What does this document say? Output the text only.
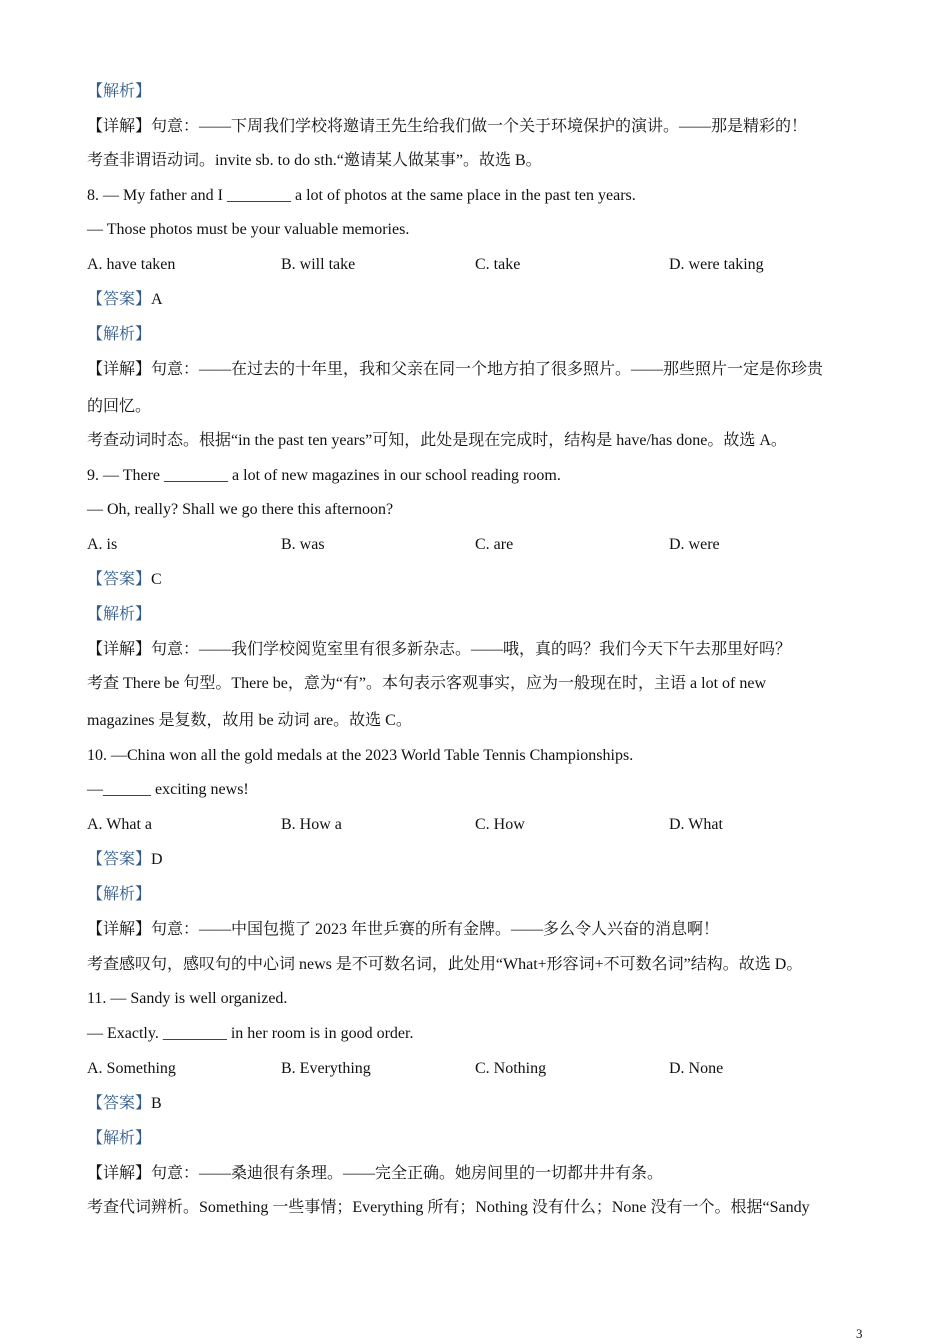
【解析】
【详解】句意：——下周我们学校将邀请王先生给我们做一个关于环境保护的演讲。——那是精彩的！
考查非谓语动词。invite sb. to do sth.“邀请某人做某事”。故选 B。
8. — My father and I ________ a lot of photos at the same place in the past ten years.
— Those photos must be your valuable memories.
A. have taken	B. will take	C. take	D. were taking
【答案】A
【解析】
【详解】句意：——在过去的十年里，我和父亲在同一个地方拍了很多照片。——那些照片一定是你珍贵
的回忆。
考查动词时态。根据“in the past ten years”可知，此处是现在完成时，结构是 have/has done。故选 A。
9. — There ________ a lot of new magazines in our school reading room.
— Oh, really? Shall we go there this afternoon?
A. is	B. was	C. are	D. were
【答案】C
【解析】
【详解】句意：——我们学校阅览室里有很多新杂志。——哦，真的吗？我们今天下午去那里好吗？
考查 There be 句型。There be，意为“有”。本句表示客观事实，应为一般现在时，主语 a lot of new
magazines 是复数，故用 be 动词 are。故选 C。
10. —China won all the gold medals at the 2023 World Table Tennis Championships.
—______ exciting news!
A. What a	B. How a	C. How	D. What
【答案】D
【解析】
【详解】句意：——中国包揽了 2023 年世乒赛的所有金牌。——多么令人兴奋的消息啊！
考查感叹句，感叹句的中心词 news 是不可数名词，此处用“What+形容词+不可数名词”结构。故选 D。
11. — Sandy is well organized.
— Exactly. ________ in her room is in good order.
A. Something	B. Everything	C. Nothing	D. None
【答案】B
【解析】
【详解】句意：——桑迪很有条理。——完全正确。她房间里的一切都井井有条。
考查代词辨析。Something 一些事情；Everything 所有；Nothing 没有什么；None 没有一个。根据“Sandy
3
